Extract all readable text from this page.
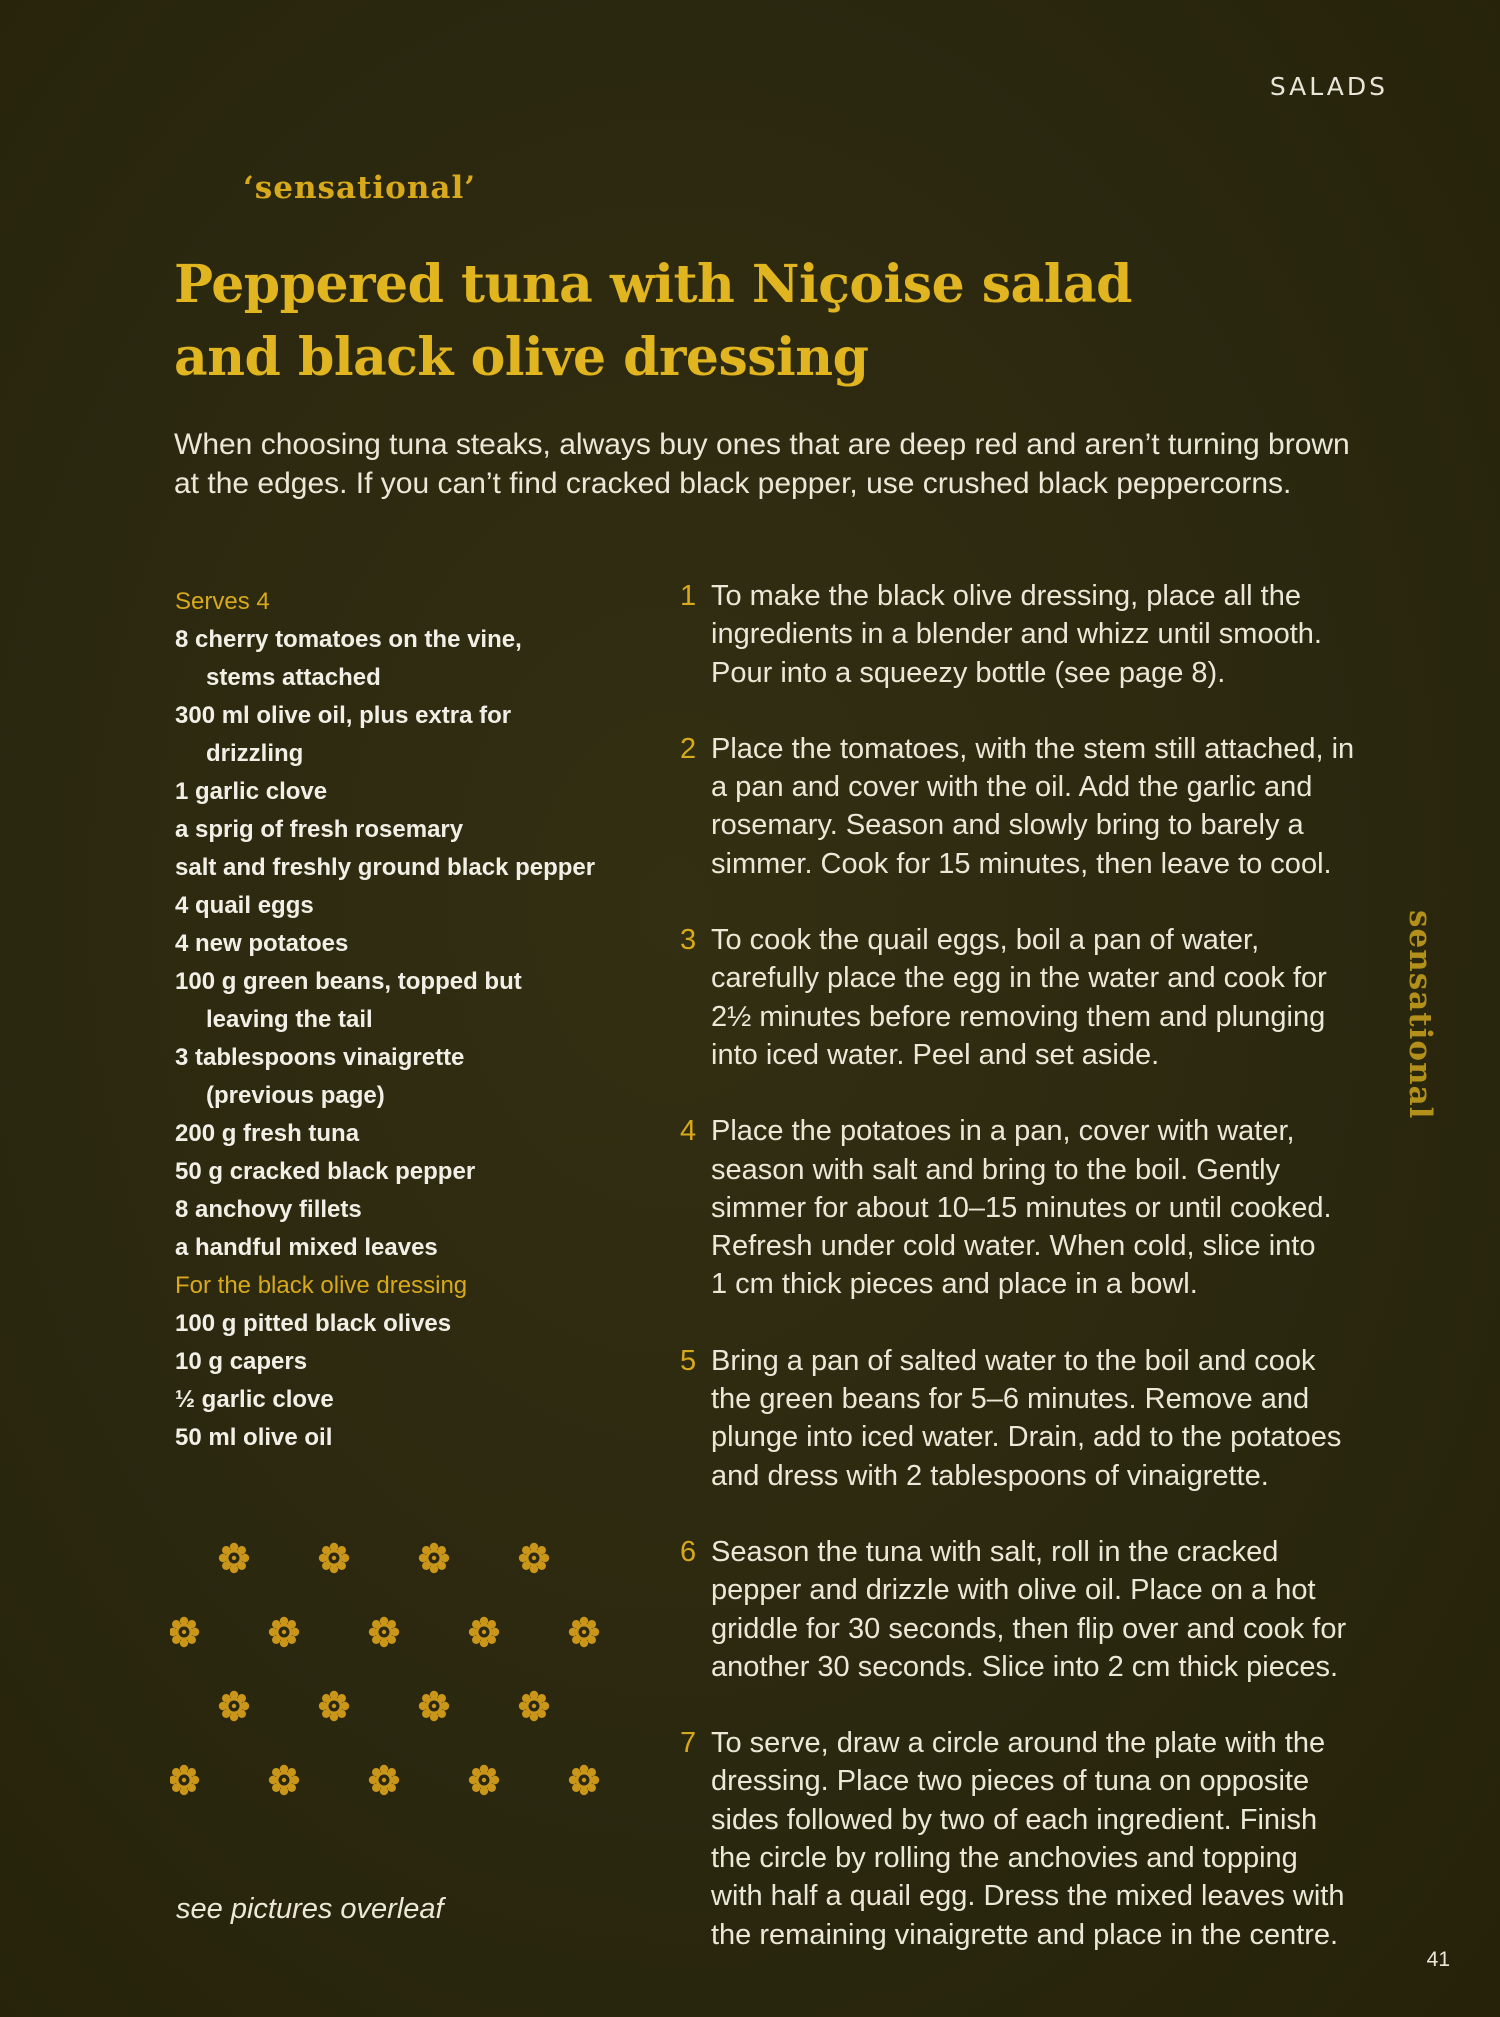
SALADS
‘sensational’
Peppered tuna with Niçoise salad and black olive dressing

When choosing tuna steaks, always buy ones that are deep red and aren’t turning brown at the edges. If you can’t find cracked black pepper, use crushed black peppercorns.

Serves 4
8 cherry tomatoes on the vine,
stems attached
300 ml olive oil, plus extra for
drizzling
1 garlic clove
a sprig of fresh rosemary
salt and freshly ground black pepper
4 quail eggs
4 new potatoes
100 g green beans, topped but
leaving the tail
3 tablespoons vinaigrette
(previous page)
200 g fresh tuna
50 g cracked black pepper
8 anchovy fillets
a handful mixed leaves
For the black olive dressing
100 g pitted black olives
10 g capers
½ garlic clove
50 ml olive oil
1 To make the black olive dressing, place all the
ingredients in a blender and whizz until smooth.
Pour into a squeezy bottle (see page 8).
2 Place the tomatoes, with the stem still attached, in
a pan and cover with the oil. Add the garlic and
rosemary. Season and slowly bring to barely a
simmer. Cook for 15 minutes, then leave to cool.
3 To cook the quail eggs, boil a pan of water,
carefully place the egg in the water and cook for
2½ minutes before removing them and plunging
into iced water. Peel and set aside.
4 Place the potatoes in a pan, cover with water,
season with salt and bring to the boil. Gently
simmer for about 10–15 minutes or until cooked.
Refresh under cold water. When cold, slice into
1 cm thick pieces and place in a bowl.
5 Bring a pan of salted water to the boil and cook
the green beans for 5–6 minutes. Remove and
plunge into iced water. Drain, add to the potatoes
and dress with 2 tablespoons of vinaigrette.
6 Season the tuna with salt, roll in the cracked
pepper and drizzle with olive oil. Place on a hot
griddle for 30 seconds, then flip over and cook for
another 30 seconds. Slice into 2 cm thick pieces.
7 To serve, draw a circle around the plate with the
dressing. Place two pieces of tuna on opposite
sides followed by two of each ingredient. Finish
the circle by rolling the anchovies and topping
with half a quail egg. Dress the mixed leaves with
the remaining vinaigrette and place in the centre.
see pictures overleaf
sensational
41
